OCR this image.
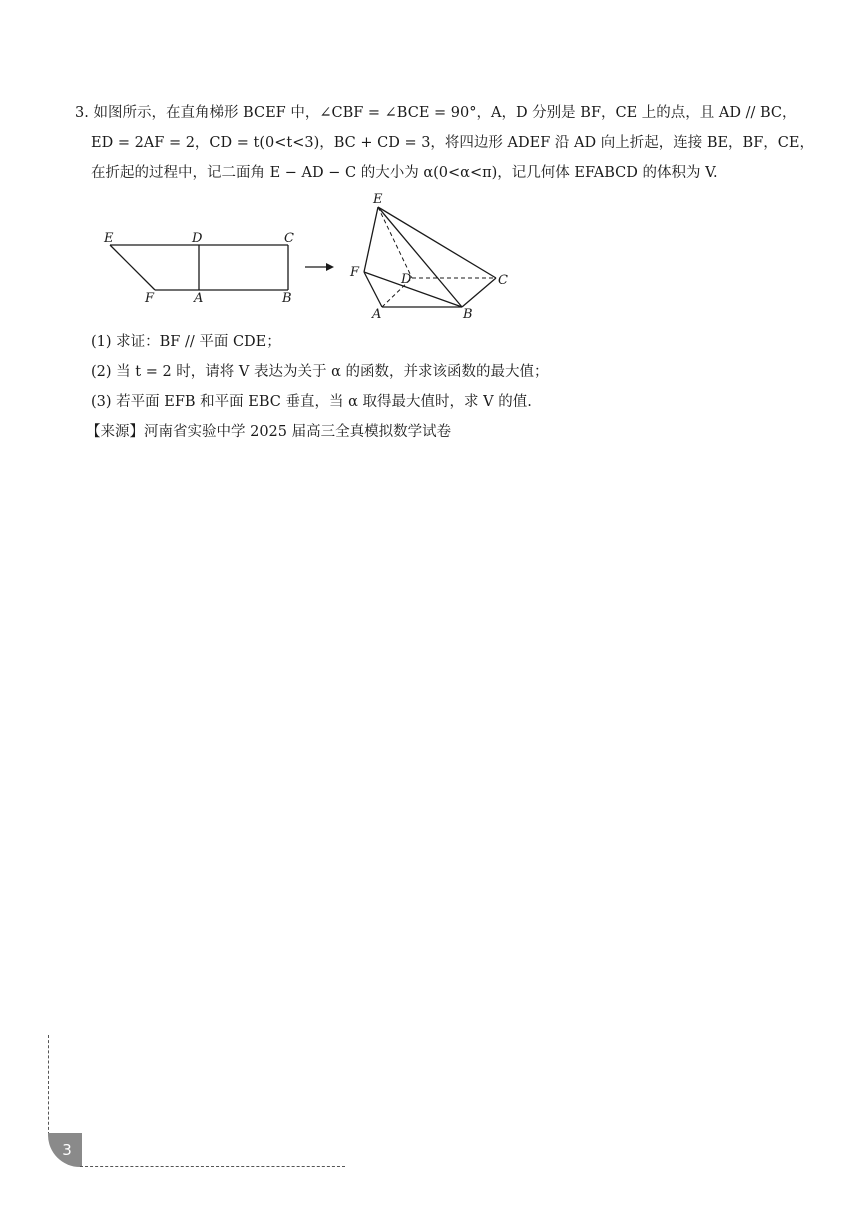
3. 如图所示，在直角梯形 BCEF 中，∠CBF = ∠BCE = 90°，A，D 分别是 BF，CE 上的点，且 AD // BC，
ED = 2AF = 2，CD = t(0<t<3)，BC + CD = 3，将四边形 ADEF 沿 AD 向上折起，连接 BE，BF，CE，
在折起的过程中，记二面角 E − AD − C 的大小为 α(0<α<π)，记几何体 EFABCD 的体积为 V.
E	D	C
F	A	B
E
F	D	C
A	B
(1) 求证：BF // 平面 CDE；
(2) 当 t = 2 时，请将 V 表达为关于 α 的函数，并求该函数的最大值；
(3) 若平面 EFB 和平面 EBC 垂直，当 α 取得最大值时，求 V 的值.
【来源】河南省实验中学 2025 届高三全真模拟数学试卷
3
